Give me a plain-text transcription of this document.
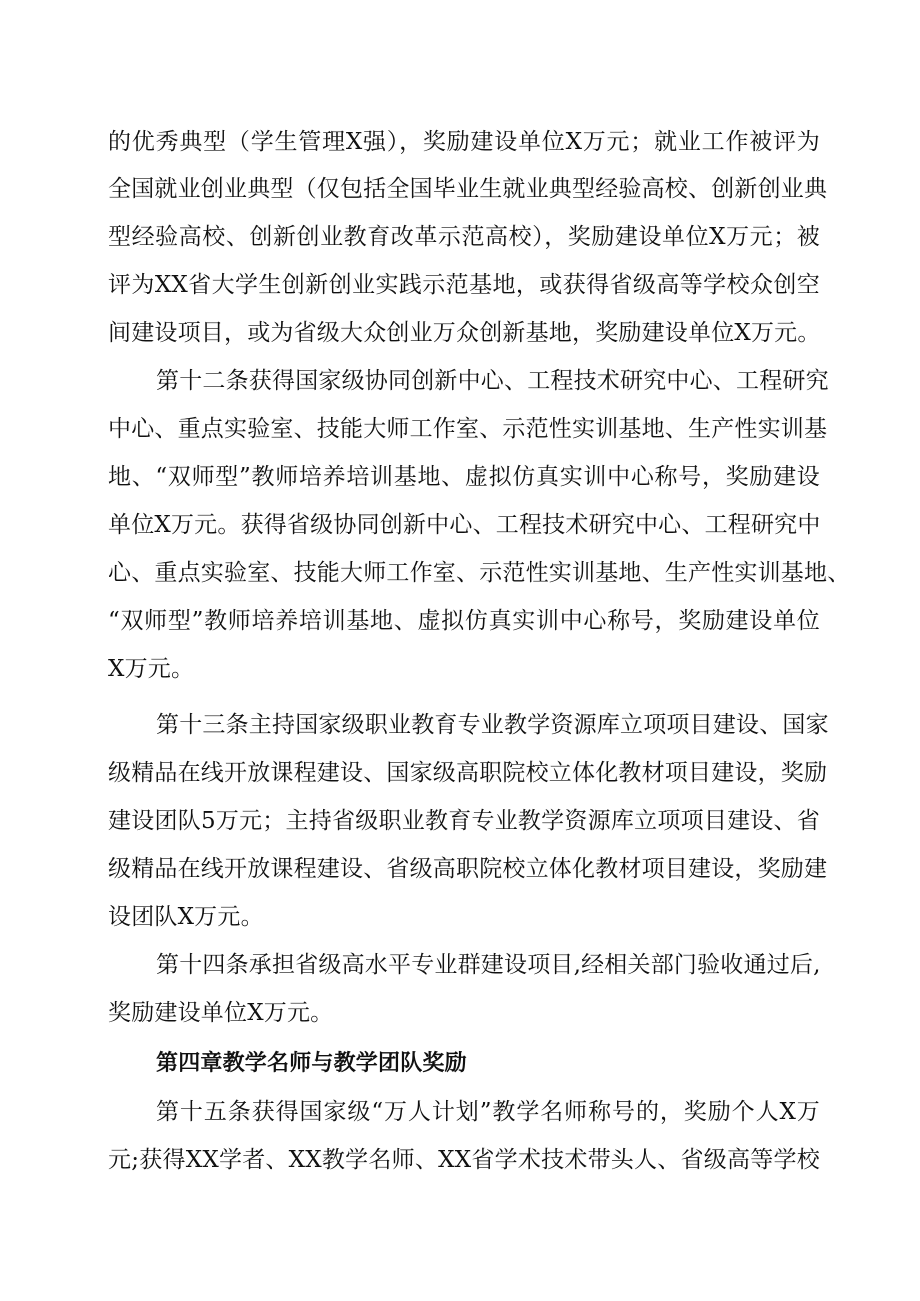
的优秀典型（学生管理X强），奖励建设单位X万元；就业工作被评为
全国就业创业典型（仅包括全国毕业生就业典型经验高校、创新创业典
型经验高校、创新创业教育改革示范高校），奖励建设单位X万元；被
评为XX省大学生创新创业实践示范基地，或获得省级高等学校众创空
间建设项目，或为省级大众创业万众创新基地，奖励建设单位X万元。
第十二条获得国家级协同创新中心、工程技术研究中心、工程研究
中心、重点实验室、技能大师工作室、示范性实训基地、生产性实训基
地、“双师型”教师培养培训基地、虚拟仿真实训中心称号，奖励建设
单位X万元。获得省级协同创新中心、工程技术研究中心、工程研究中
心、重点实验室、技能大师工作室、示范性实训基地、生产性实训基地、
“双师型”教师培养培训基地、虚拟仿真实训中心称号，奖励建设单位
X万元。
第十三条主持国家级职业教育专业教学资源库立项项目建设、国家
级精品在线开放课程建设、国家级高职院校立体化教材项目建设，奖励
建设团队5万元；主持省级职业教育专业教学资源库立项项目建设、省
级精品在线开放课程建设、省级高职院校立体化教材项目建设，奖励建
设团队X万元。
第十四条承担省级高水平专业群建设项目,经相关部门验收通过后,
奖励建设单位X万元。
第四章教学名师与教学团队奖励
第十五条获得国家级“万人计划”教学名师称号的，奖励个人X万
元;获得XX学者、XX教学名师、XX省学术技术带头人、省级高等学校
